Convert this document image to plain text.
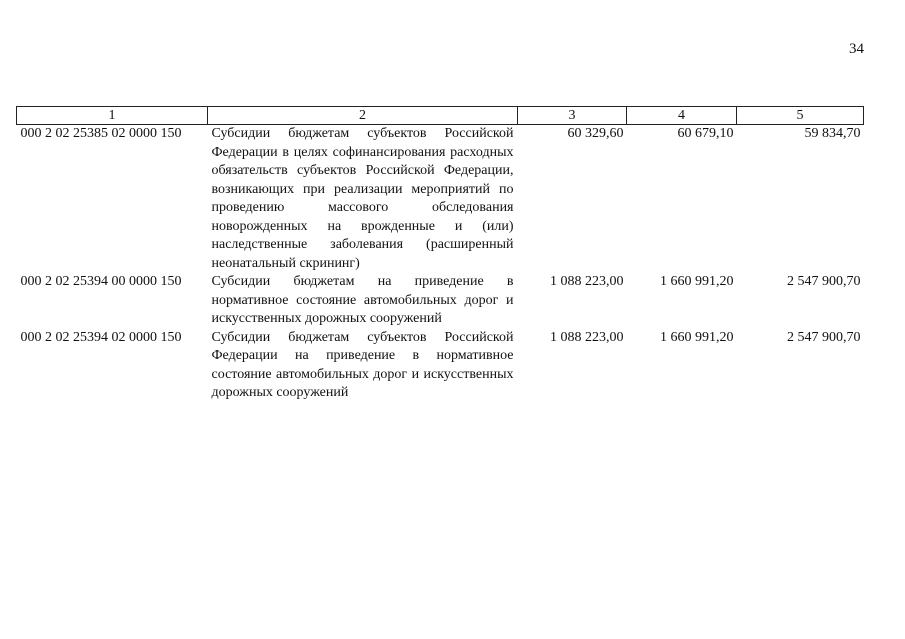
34
1	2	3	4	5
000 2 02 25385 02 0000 150	Субсидии бюджетам субъектов Российской Федерации в целях софинансирования расходных обязательств субъектов Российской Федерации, возникающих при реализации мероприятий по проведению массового обследования новорожденных на врожденные и (или) наследственные заболевания (расширенный неонатальный скрининг)	60 329,60	60 679,10	59 834,70
000 2 02 25394 00 0000 150	Субсидии бюджетам на приведение в нормативное состояние автомобильных дорог и искусственных дорожных сооружений	1 088 223,00	1 660 991,20	2 547 900,70
000 2 02 25394 02 0000 150	Субсидии бюджетам субъектов Российской Федерации на приведение в нормативное состояние автомобильных дорог и искусственных дорожных сооружений	1 088 223,00	1 660 991,20	2 547 900,70
